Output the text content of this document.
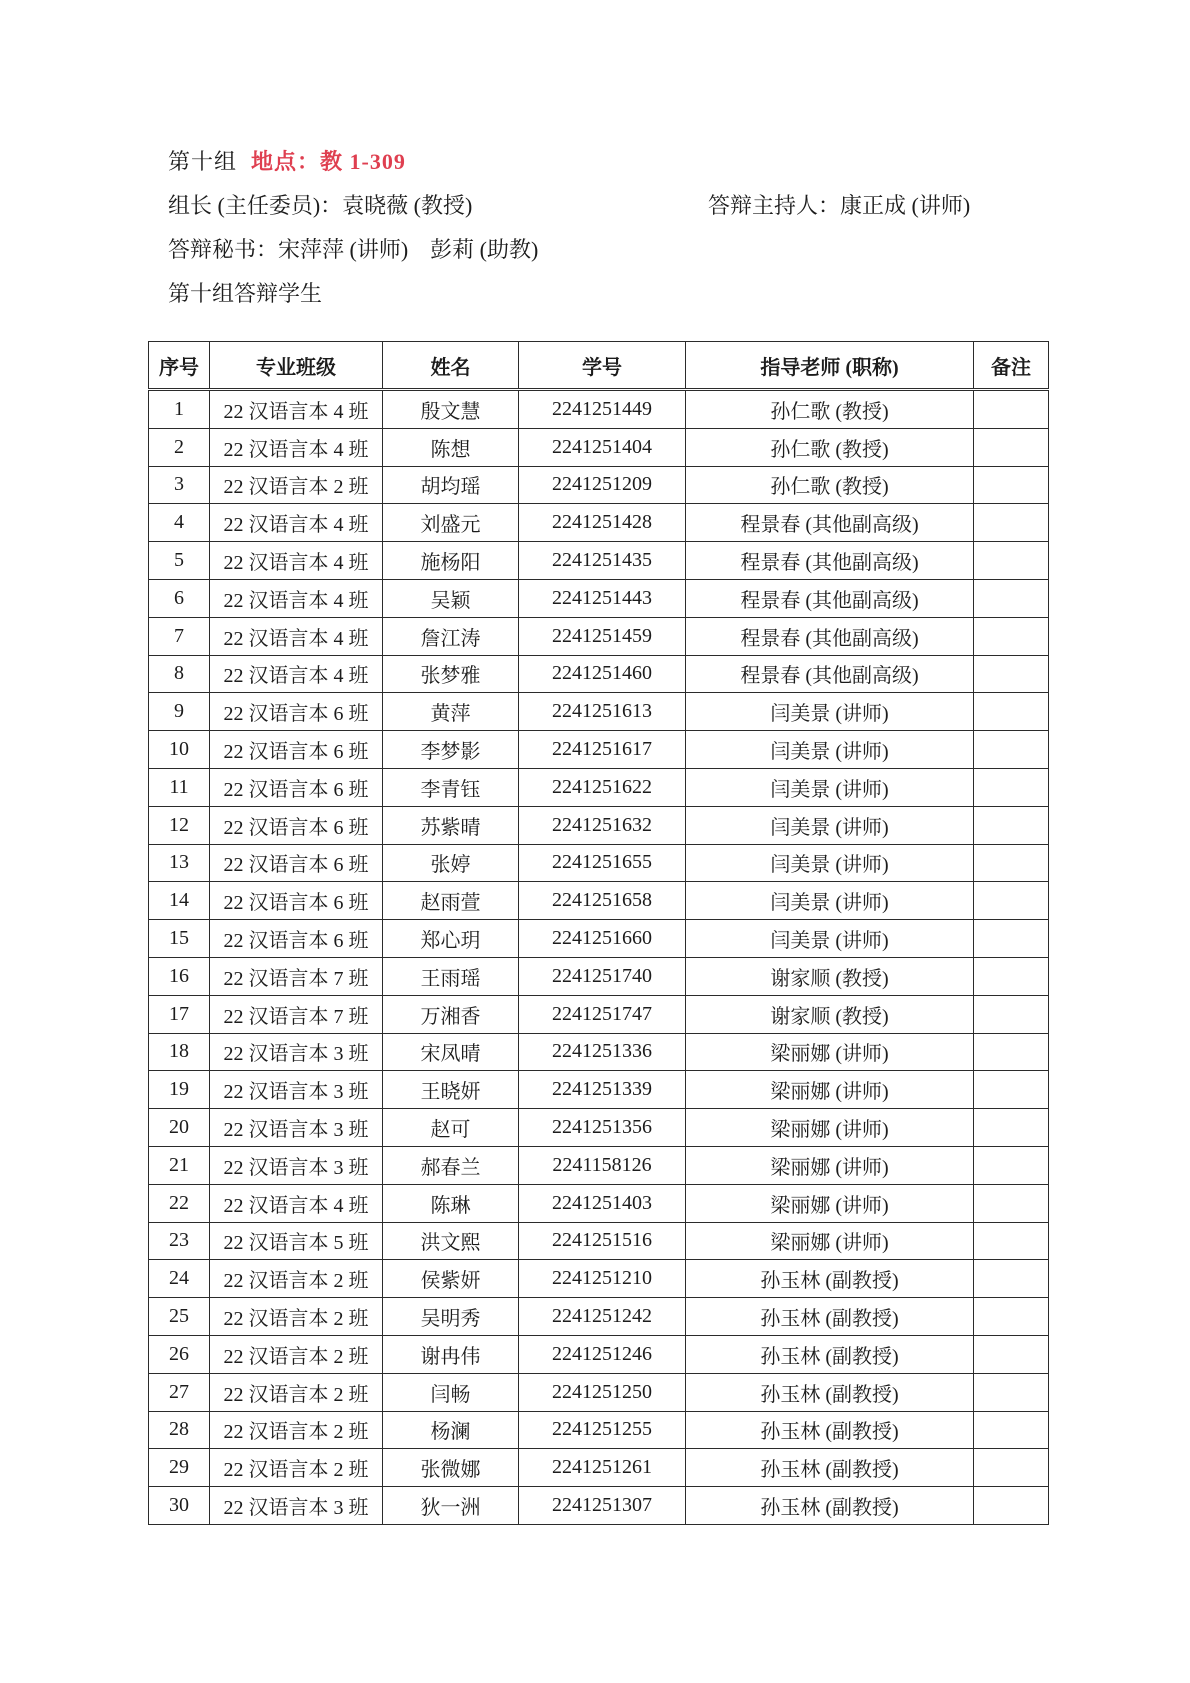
第十组 地点：教 1-309
组长 (主任委员)：袁晓薇 (教授)	答辩主持人：康正成 (讲师)
答辩秘书：宋萍萍 (讲师)　彭莉 (助教)
第十组答辩学生
序号	专业班级	姓名	学号	指导老师 (职称)	备注
1	22 汉语言本 4 班	殷文慧	2241251449	孙仁歌 (教授)	
2	22 汉语言本 4 班	陈想	2241251404	孙仁歌 (教授)	
3	22 汉语言本 2 班	胡均瑶	2241251209	孙仁歌 (教授)	
4	22 汉语言本 4 班	刘盛元	2241251428	程景春 (其他副高级)	
5	22 汉语言本 4 班	施杨阳	2241251435	程景春 (其他副高级)	
6	22 汉语言本 4 班	吴颖	2241251443	程景春 (其他副高级)	
7	22 汉语言本 4 班	詹江涛	2241251459	程景春 (其他副高级)	
8	22 汉语言本 4 班	张梦雅	2241251460	程景春 (其他副高级)	
9	22 汉语言本 6 班	黄萍	2241251613	闫美景 (讲师)	
10	22 汉语言本 6 班	李梦影	2241251617	闫美景 (讲师)	
11	22 汉语言本 6 班	李青钰	2241251622	闫美景 (讲师)	
12	22 汉语言本 6 班	苏紫晴	2241251632	闫美景 (讲师)	
13	22 汉语言本 6 班	张婷	2241251655	闫美景 (讲师)	
14	22 汉语言本 6 班	赵雨萱	2241251658	闫美景 (讲师)	
15	22 汉语言本 6 班	郑心玥	2241251660	闫美景 (讲师)	
16	22 汉语言本 7 班	王雨瑶	2241251740	谢家顺 (教授)	
17	22 汉语言本 7 班	万湘香	2241251747	谢家顺 (教授)	
18	22 汉语言本 3 班	宋凤晴	2241251336	梁丽娜 (讲师)	
19	22 汉语言本 3 班	王晓妍	2241251339	梁丽娜 (讲师)	
20	22 汉语言本 3 班	赵可	2241251356	梁丽娜 (讲师)	
21	22 汉语言本 3 班	郝春兰	2241158126	梁丽娜 (讲师)	
22	22 汉语言本 4 班	陈琳	2241251403	梁丽娜 (讲师)	
23	22 汉语言本 5 班	洪文熙	2241251516	梁丽娜 (讲师)	
24	22 汉语言本 2 班	侯紫妍	2241251210	孙玉林 (副教授)	
25	22 汉语言本 2 班	吴明秀	2241251242	孙玉林 (副教授)	
26	22 汉语言本 2 班	谢冉伟	2241251246	孙玉林 (副教授)	
27	22 汉语言本 2 班	闫畅	2241251250	孙玉林 (副教授)	
28	22 汉语言本 2 班	杨澜	2241251255	孙玉林 (副教授)	
29	22 汉语言本 2 班	张微娜	2241251261	孙玉林 (副教授)	
30	22 汉语言本 3 班	狄一洲	2241251307	孙玉林 (副教授)	
